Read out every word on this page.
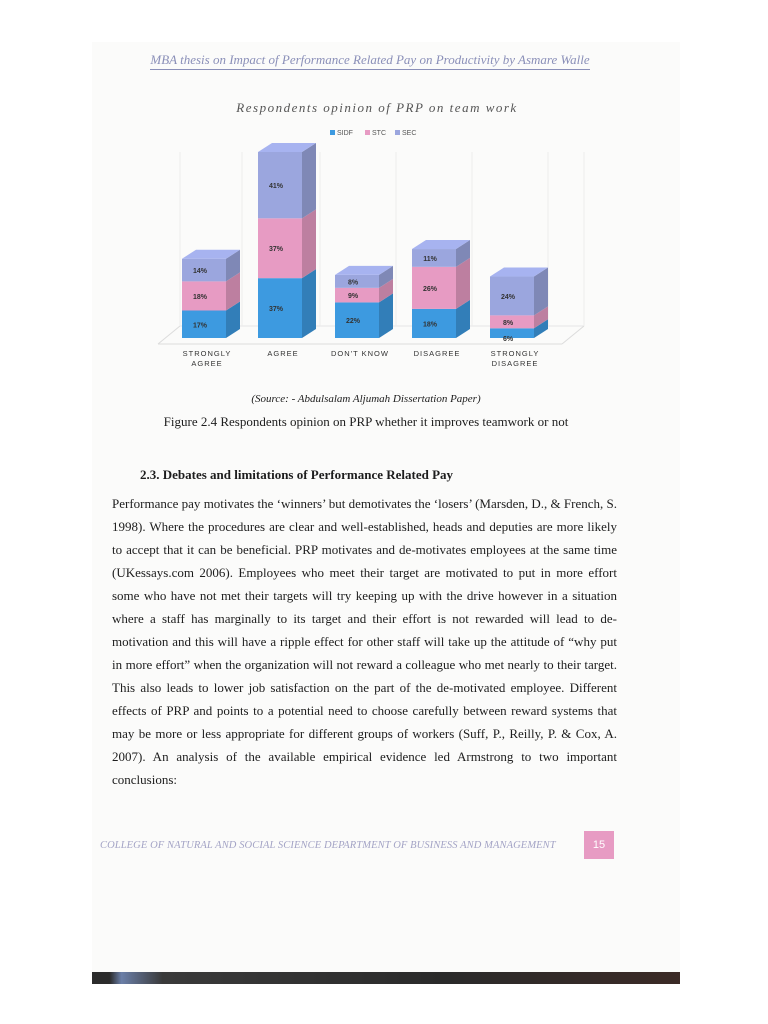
MBA thesis on Impact of Performance Related Pay on Productivity by Asmare Walle
Respondents opinion of PRP on team work
SIDF	STC SEC
17%
18%
14%
37%
37%
41%
22%
9%
8%
18%
26%
11%
6%
8%
24%
STRONGLY
AGREE
AGREE	DON'T KNOW	DISAGREE	STRONGLY
DISAGREE
(Source: - Abdulsalam Aljumah Dissertation Paper)
Figure 2.4 Respondents opinion on PRP whether it improves teamwork or not
2.3. Debates and limitations of Performance Related Pay
Performance pay motivates the ‘winners’ but demotivates the ‘losers’ (Marsden, D., & French, S. 1998). Where the procedures are clear and well-established, heads and deputies are more likely to accept that it can be beneficial. PRP motivates and de-motivates employees at the same time (UKessays.com 2006). Employees who meet their target are motivated to put in more effort some who have not met their targets will try keeping up with the drive however in a situation where a staff has marginally to its target and their effort is not rewarded will lead to de-motivation and this will have a ripple effect for other staff will take up the attitude of “why put in more effort” when the organization will not reward a colleague who met nearly to their target. This also leads to lower job satisfaction on the part of the de-motivated employee. Different effects of PRP and points to a potential need to choose carefully between reward systems that may be more or less appropriate for different groups of workers (Suff, P., Reilly, P. & Cox, A. 2007). An analysis of the available empirical evidence led Armstrong to two important conclusions:
COLLEGE OF NATURAL AND SOCIAL SCIENCE DEPARTMENT OF BUSINESS AND MANAGEMENT	15
